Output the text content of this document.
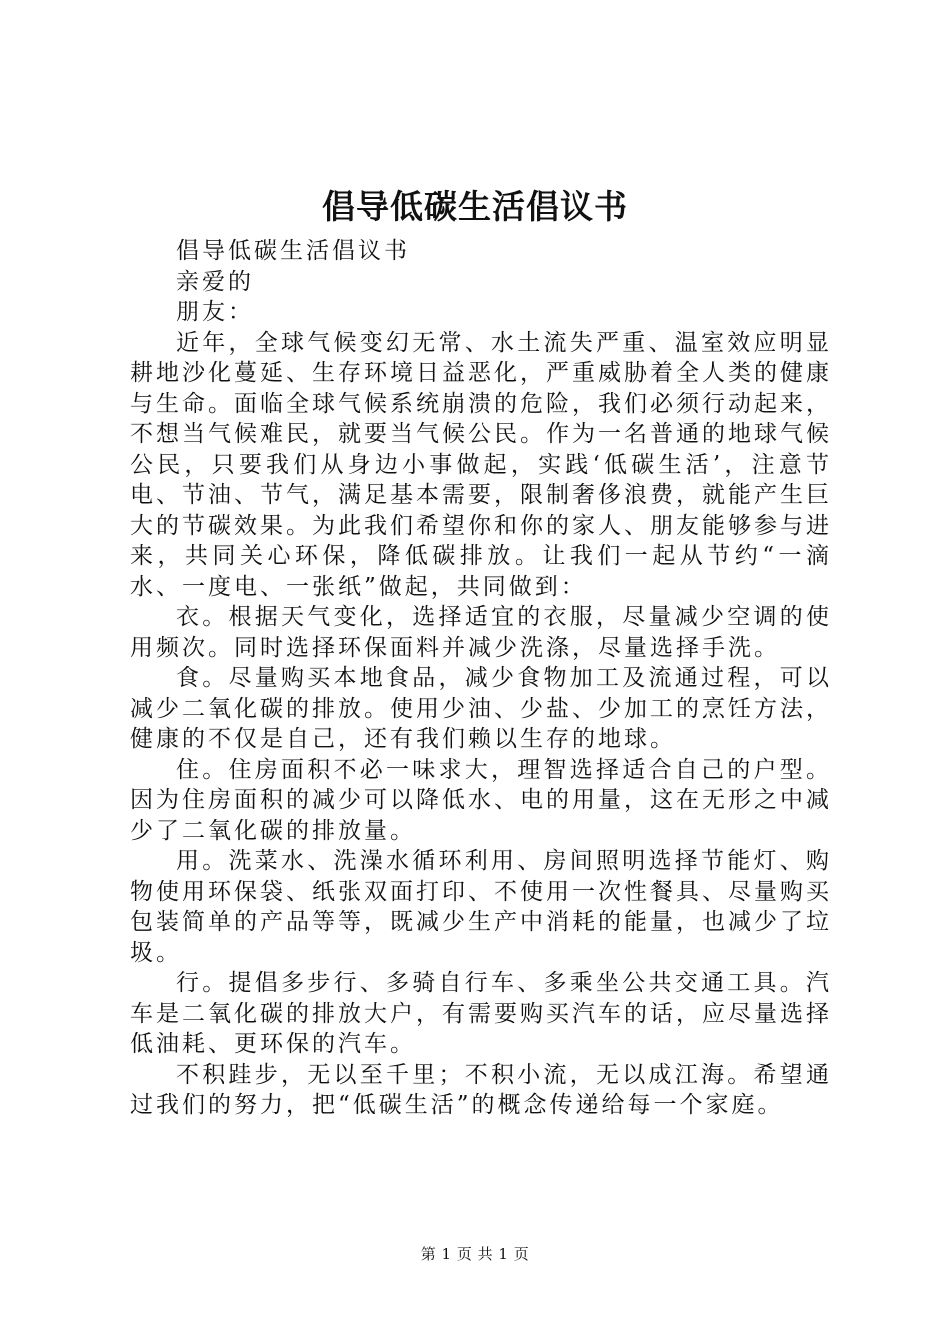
倡导低碳生活倡议书

倡导低碳生活倡议书

亲爱的

朋友：

近年，全球气候变幻无常、水土流失严重、温室效应明显耕地沙化蔓延、生存环境日益恶化，严重威胁着全人类的健康与生命。面临全球气候系统崩溃的危险，我们必须行动起来，不想当气候难民，就要当气候公民。作为一名普通的地球气候公民，只要我们从身边小事做起，实践‘低碳生活’，注意节电、节油、节气，满足基本需要，限制奢侈浪费，就能产生巨大的节碳效果。为此我们希望你和你的家人、朋友能够参与进来，共同关心环保，降低碳排放。让我们一起从节约“一滴水、一度电、一张纸”做起，共同做到：

衣。根据天气变化，选择适宜的衣服，尽量减少空调的使用频次。同时选择环保面料并减少洗涤，尽量选择手洗。

食。尽量购买本地食品，减少食物加工及流通过程，可以减少二氧化碳的排放。使用少油、少盐、少加工的烹饪方法，健康的不仅是自己，还有我们赖以生存的地球。

住。住房面积不必一味求大，理智选择适合自己的户型。因为住房面积的减少可以降低水、电的用量，这在无形之中减少了二氧化碳的排放量。

用。洗菜水、洗澡水循环利用、房间照明选择节能灯、购物使用环保袋、纸张双面打印、不使用一次性餐具、尽量购买包装简单的产品等等，既减少生产中消耗的能量，也减少了垃圾。

行。提倡多步行、多骑自行车、多乘坐公共交通工具。汽车是二氧化碳的排放大户，有需要购买汽车的话，应尽量选择低油耗、更环保的汽车。

不积跬步，无以至千里；不积小流，无以成江海。希望通过我们的努力，把“低碳生活”的概念传递给每一个家庭。

第 1 页 共 1 页
